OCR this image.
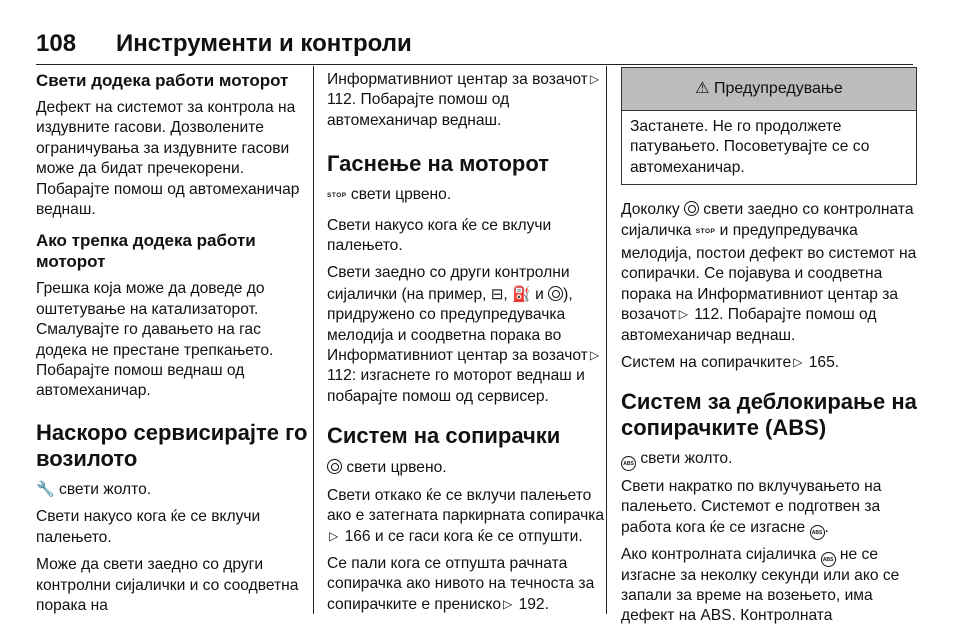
108 Инструменти и контроли
Свети додека работи моторот

Дефект на системот за контрола на издувните гасови. Дозволените ограничувања за издувните гасови може да бидат пречекорени. Побарајте помош од автомеханичар веднаш.

Ако трепка додека работи моторот

Грешка која може да доведе до оштетување на катализаторот. Смалувајте го давањето на гас додека не престане трепкањето. Побарајте помош веднаш од автомеханичар.

Наскоро сервисирајте го возилото

🔧 свети жолто.

Свети накусо кога ќе се вклучи палењето.

Може да свети заедно со други контролни сијалички и со соодветна порака на

Информативниот центар за возачот ▷ 112. Побарајте помош од автомеханичар веднаш.

Гаснење на моторот

STOP свети црвено.

Свети накусо кога ќе се вклучи палењето.

Свети заедно со други контролни сијалички (на пример, ⊟, ⛽ и ), придружено со предупредувачка мелодија и соодветна порака во Информативниот центар за возачот ▷ 112: изгаснете го моторот веднаш и побарајте помош од сервисер.

Систем на сопирачки

свети црвено.

Свети откако ќе се вклучи палењето ако е затегната паркирната сопирачка▷ 166 и се гаси кога ќе се отпушти.

Се пали кога се отпушта рачната сопирачка ако нивото на течноста за сопирачките е прениско ▷ 192.

⚠ Предупредување
Застанете. Не го продолжете патувањето. Посоветувајте се со автомеханичар.

Доколку  свети заедно со контролната сијаличка STOP и предупредувачка мелодија, постои дефект во системот на сопирачки. Се појавува и соодветна порака на Информативниот центар за возачот ▷ 112. Побарајте помош од автомеханичар веднаш.

Систем на сопирачките ▷ 165.

Систем за деблокирање на сопирачките (ABS)

ABS свети жолто.

Свети накратко по вклучувањето на палењето. Системот е подготвен за работа кога ќе се изгасне ABS .

Ако контролната сијаличка ABS не се изгасне за неколку секунди или ако се запали за време на возењето, има дефект на ABS. Контролната
